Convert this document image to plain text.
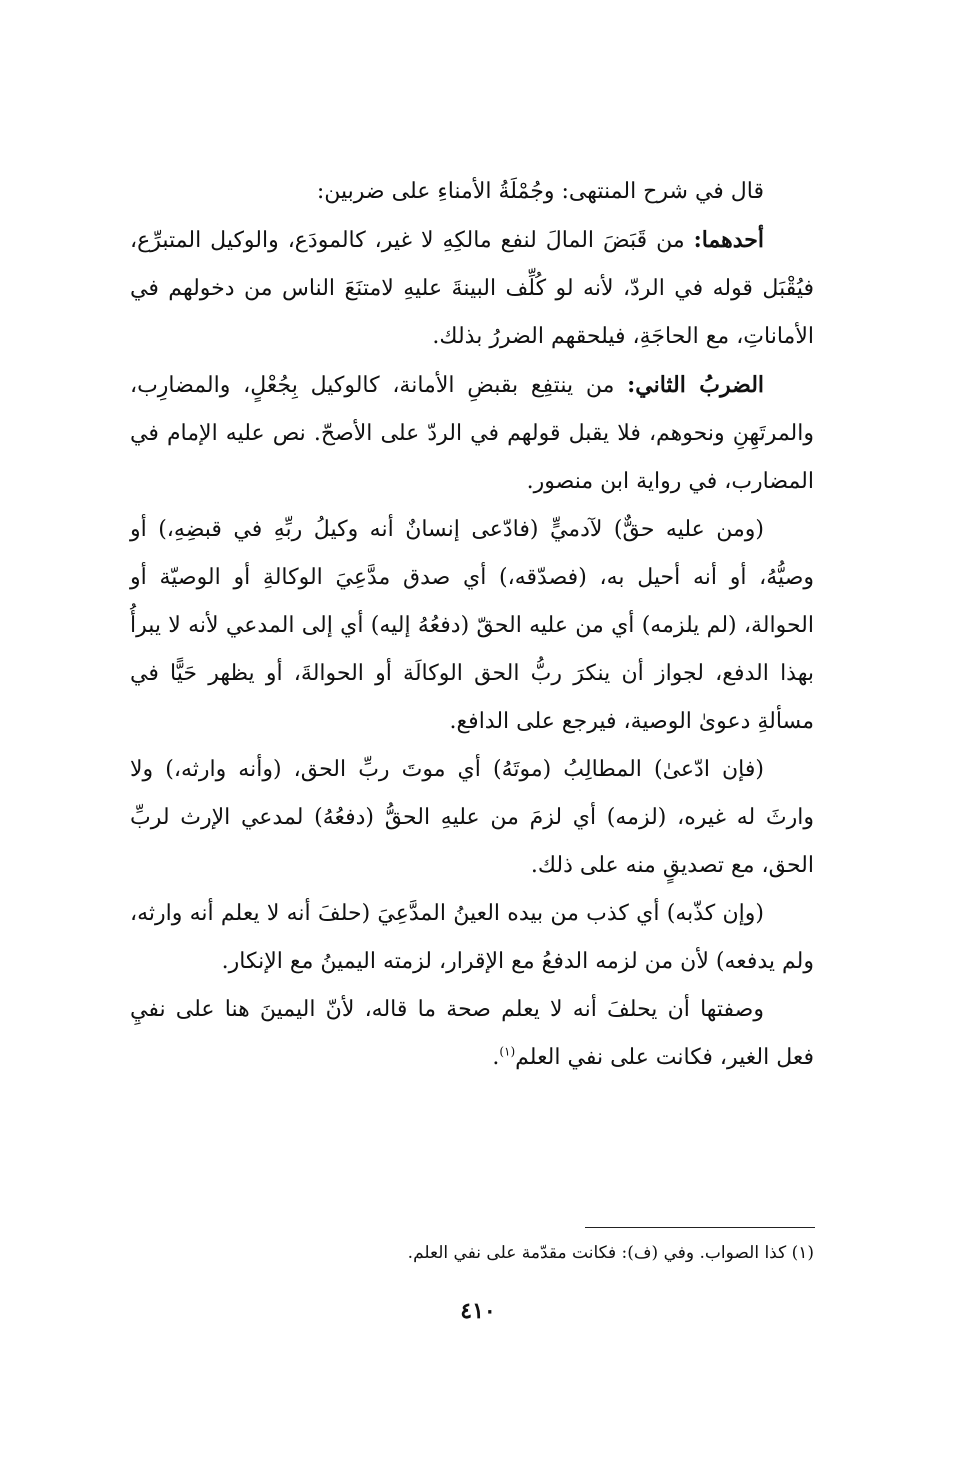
قال في شرح المنتهى: وجُمْلَةُ الأمناءِ على ضربين:

أحدهما: من قَبَضَ المالَ لنفع مالكِهِ لا غير، كالمودَع، والوكيل المتبرِّع، فيُقْبَل قوله في الردّ، لأنه لو كُلِّف البينةَ عليهِ لامتنَعَ الناس من دخولهم في الأماناتِ، مع الحاجَةِ، فيلحقهم الضررُ بذلك.

الضربُ الثاني: من ينتفِع بقبضِ الأمانة، كالوكيل بِجُعْلٍ، والمضارِب، والمرتَهِنِ ونحوهم، فلا يقبل قولهم في الردّ على الأصحّ. نص عليه الإمام في المضارب، في رواية ابن منصور.

(ومن عليه حقٌّ) لآدميٍّ (فادّعى إنسانٌ أنه وكيلُ ربِّهِ في قبضِهِ،) أو وصيُّهُ، أو أنه أحيل به، (فصدّقه،) أي صدق مدَّعِيَ الوكالةِ أو الوصيّة أو الحوالة، (لم يلزمه) أي من عليه الحقّ (دفعُهُ إليه) أي إلى المدعي لأنه لا يبرأُ بهذا الدفع، لجواز أن ينكرَ ربُّ الحق الوكالَة أو الحوالةَ، أو يظهر حَيًّا في مسألةِ دعوىٰ الوصية، فيرجع على الدافع.

(فإن ادّعىٰ) المطالِبُ (موتَهُ) أي موتَ ربِّ الحق، (وأنه وارثه،) ولا وارثَ له غيره، (لزمه) أي لزمَ من عليهِ الحقُّ (دفعُهُ) لمدعي الإرث لربِّ الحق، مع تصديقٍ منه على ذلك.

(وإن كذّبه) أي كذب من بيده العينُ المدَّعِيَ (حلفَ أنه لا يعلم أنه وارثه، ولم يدفعه) لأن من لزمه الدفعُ مع الإقرار، لزمته اليمينُ مع الإنكار.

وصفتها أن يحلفَ أنه لا يعلم صحة ما قاله، لأنّ اليمينَ هنا على نفيِ فعل الغير، فكانت على نفي العلم$^{(١)}$.

(١) كذا الصواب. وفي (ف): فكانت مقدّمة على نفي العلم.
٤١٠
